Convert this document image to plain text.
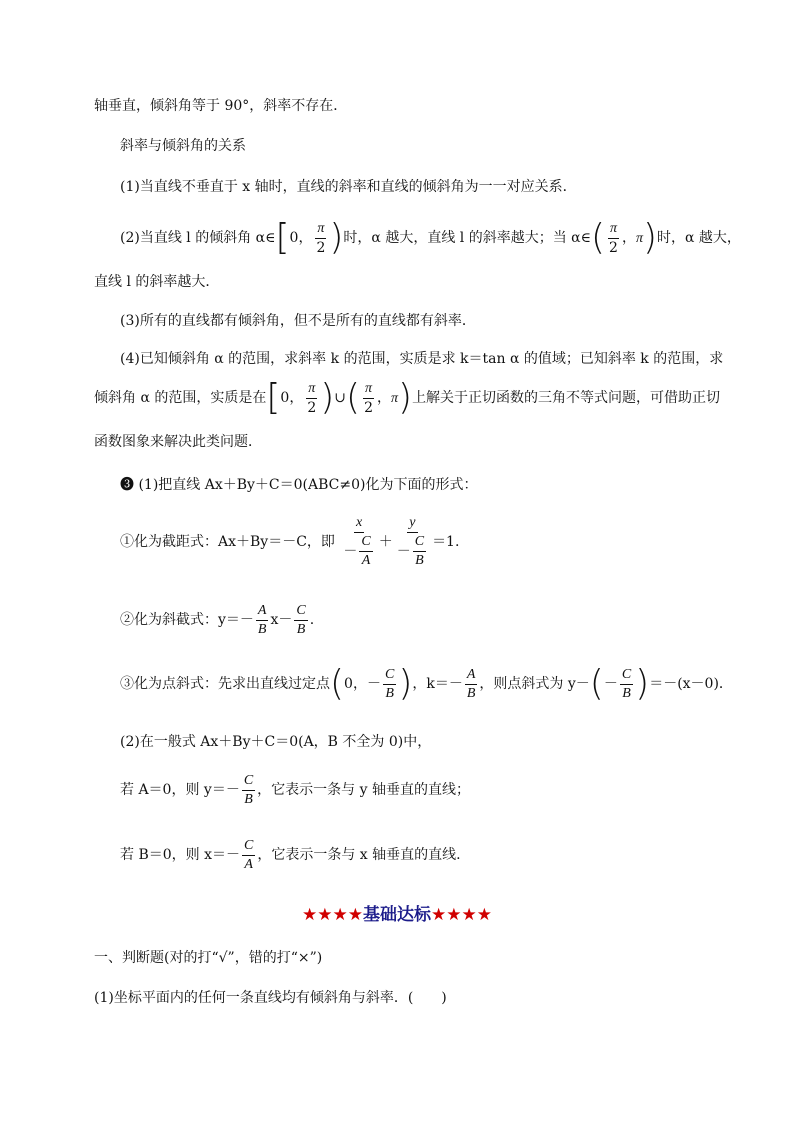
轴垂直，倾斜角等于 90°，斜率不存在．
斜率与倾斜角的关系
(1)当直线不垂直于 x 轴时，直线的斜率和直线的倾斜角为一一对应关系．
(2)当直线 l 的倾斜角 α∈[0， $\frac{\pi}{2}$ )时，α 越大，直线 l 的斜率越大；当 α∈( $\frac{\pi}{2}$ ，π)时，α 越大，
直线 l 的斜率越大．
(3)所有的直线都有倾斜角，但不是所有的直线都有斜率．
(4)已知倾斜角 α 的范围，求斜率 k 的范围，实质是求 k＝tan α 的值域；已知斜率 k 的范围，求
倾斜角 α 的范围，实质是在[0， $\frac{\pi}{2}$ )∪( $\frac{\pi}{2}$ ，π)上解关于正切函数的三角不等式问题，可借助正切
函数图象来解决此类问题．
❸ (1)把直线 Ax＋By＋C＝0(ABC≠0)化为下面的形式：
①化为截距式：Ax＋By＝－C，即 $\frac{x}{- \frac{C}{A}} + \frac{y}{- \frac{C}{B}} =1$.
②化为斜截式：$y=- \frac{A}{B} x- \frac{C}{B}$ .
③化为点斜式：先求出直线过定点(0，－ $\frac{C}{B}$ )，$k=- \frac{A}{B}$ ，则点斜式为 $y-(- \frac{C}{B} )=-(x-0)$．
(2)在一般式 Ax＋By＋C＝0(A，B 不全为 0)中，
若 A＝0，则 $y=- \frac{C}{B}$ ，它表示一条与 y 轴垂直的直线；
若 B＝0，则 $x=- \frac{C}{A}$ ，它表示一条与 x 轴垂直的直线.
★★★★基础达标★★★★
一、判断题(对的打“√”，错的打“×”)
(1)坐标平面内的任何一条直线均有倾斜角与斜率．(　　)
